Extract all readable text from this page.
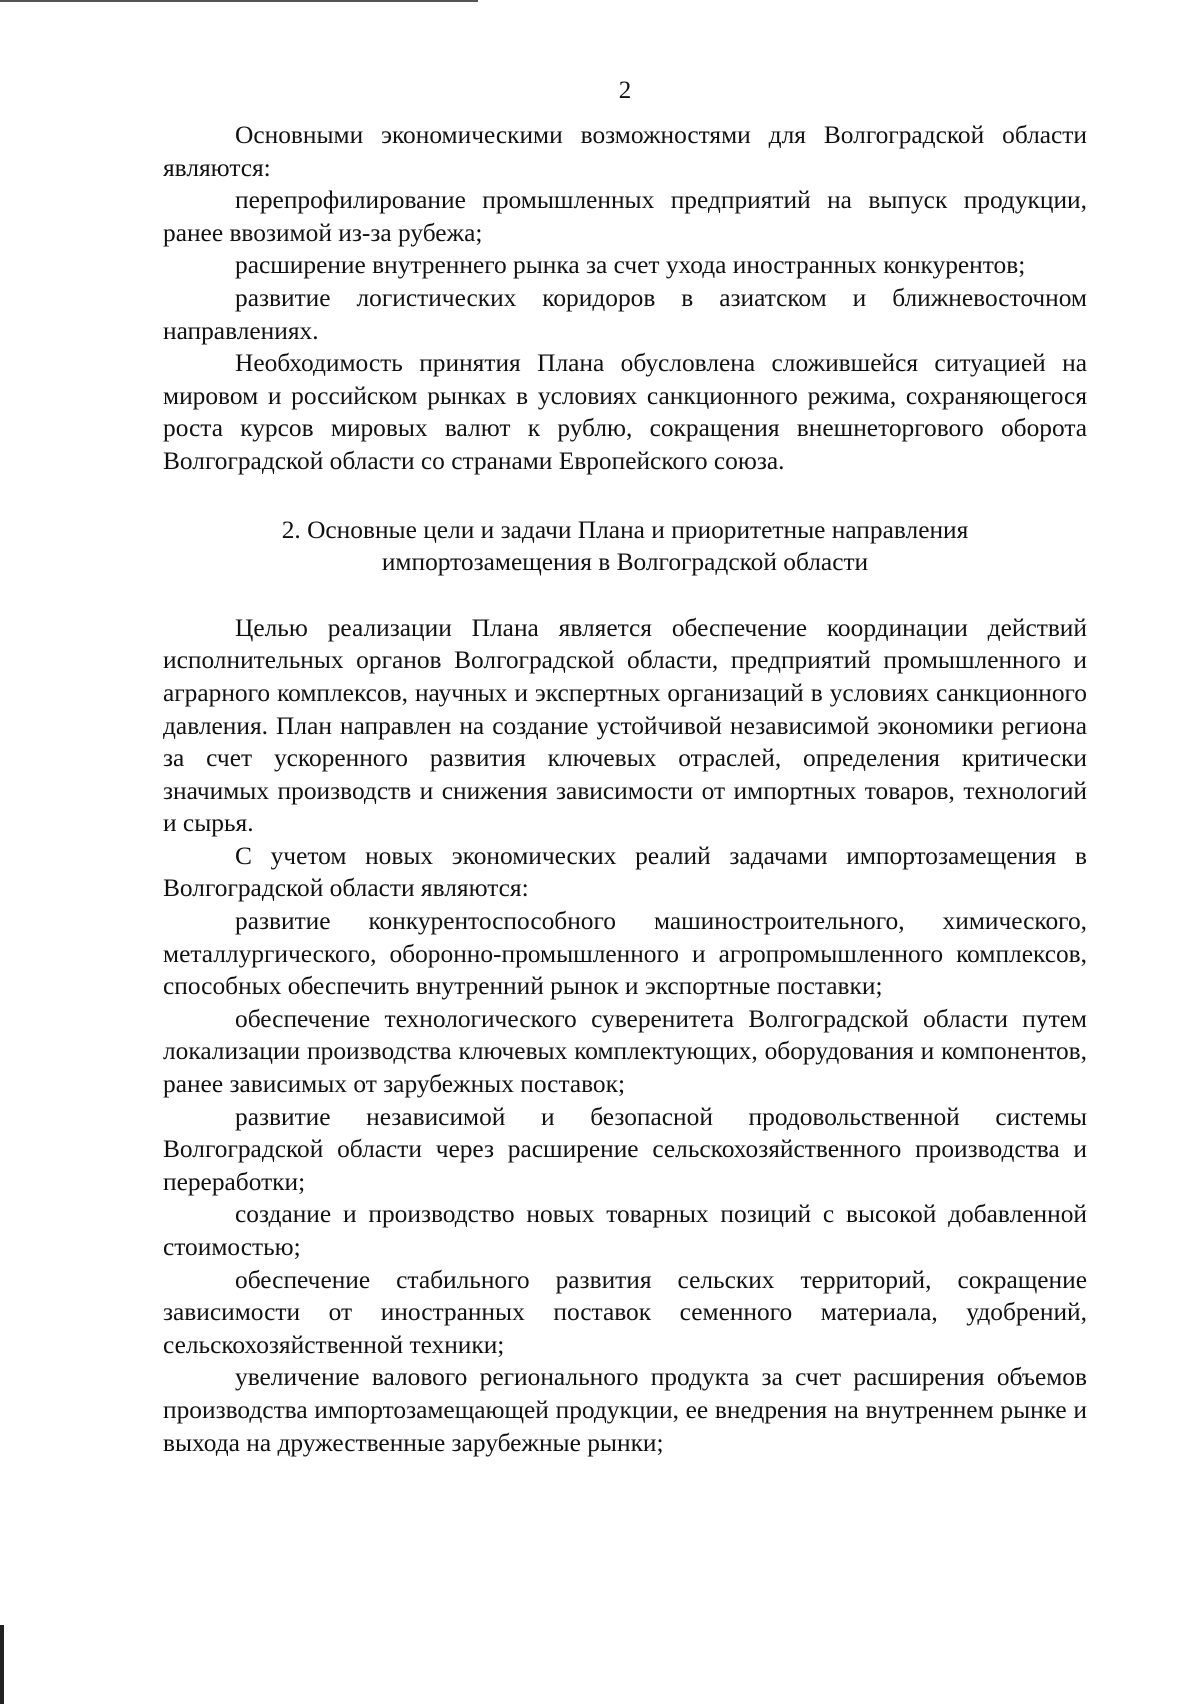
2

Основными экономическими возможностями для Волгоградской области являются:

перепрофилирование промышленных предприятий на выпуск продукции, ранее ввозимой из-за рубежа;

расширение внутреннего рынка за счет ухода иностранных конкурентов;

развитие логистических коридоров в азиатском и ближневосточном направлениях.

Необходимость принятия Плана обусловлена сложившейся ситуацией на мировом и российском рынках в условиях санкционного режима, сохраняющегося роста курсов мировых валют к рублю, сокращения внешнеторгового оборота Волгоградской области со странами Европейского союза.

2. Основные цели и задачи Плана и приоритетные направления
импортозамещения в Волгоградской области

Целью реализации Плана является обеспечение координации действий исполнительных органов Волгоградской области, предприятий промышленного и аграрного комплексов, научных и экспертных организаций в условиях санкционного давления. План направлен на создание устойчивой независимой экономики региона за счет ускоренного развития ключевых отраслей, определения критически значимых производств и снижения зависимости от импортных товаров, технологий и сырья.

С учетом новых экономических реалий задачами импортозамещения в Волгоградской области являются:

развитие конкурентоспособного машиностроительного, химического, металлургического, оборонно-промышленного и агропромышленного комплексов, способных обеспечить внутренний рынок и экспортные поставки;

обеспечение технологического суверенитета Волгоградской области путем локализации производства ключевых комплектующих, оборудования и компонентов, ранее зависимых от зарубежных поставок;

развитие независимой и безопасной продовольственной системы Волгоградской области через расширение сельскохозяйственного производства и переработки;

создание и производство новых товарных позиций с высокой добавленной стоимостью;

обеспечение стабильного развития сельских территорий, сокращение зависимости от иностранных поставок семенного материала, удобрений, сельскохозяйственной техники;

увеличение валового регионального продукта за счет расширения объемов производства импортозамещающей продукции, ее внедрения на внутреннем рынке и выхода на дружественные зарубежные рынки;
